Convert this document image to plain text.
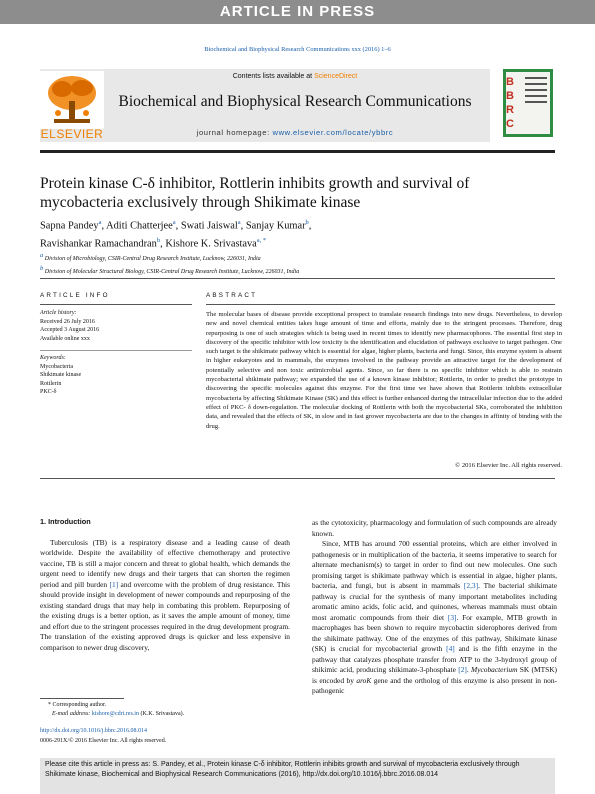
ARTICLE IN PRESS
Biochemical and Biophysical Research Communications xxx (2016) 1–6
ELSEVIER
Contents lists available at ScienceDirect
Biochemical and Biophysical Research Communications
journal homepage: www.elsevier.com/locate/ybbrc
B
B
R
C
Protein kinase C-δ inhibitor, Rottlerin inhibits growth and survival of
mycobacteria exclusively through Shikimate kinase
Sapna Pandey$^a$, Aditi Chatterjee$^a$, Swati Jaiswal$^a$, Sanjay Kumar$^b$,
Ravishankar Ramachandran$^b$, Kishore K. Srivastava$^{a, *}$
$^a$ Division of Microbiology, CSIR-Central Drug Research Institute, Lucknow, 226031, India
$^b$ Division of Molecular Structural Biology, CSIR-Central Drug Research Institute, Lucknow, 226031, India
ARTICLE INFO	ABSTRACT
Article history:
Received 26 July 2016
Accepted 3 August 2016
Available online xxx
Keywords:
Mycobacteria
Shikimate kinase
Rottlerin
PKC-δ
The molecular bases of disease provide exceptional prospect to translate research findings into new drugs. Nevertheless, to develop new and novel chemical entities takes huge amount of time and efforts, mainly due to the stringent processes. Therefore, drug repurposing is one of such strategies which is being used in recent times to identify new pharmacophores. The essential first step in discovery of the specific inhibitor with low toxicity is the identification and elucidation of pathways exclusive to target pathogen. One such target is the shikimate pathway which is essential for algae, higher plants, bacteria and fungi. Since, this enzyme system is absent in higher eukaryotes and in mammals, the enzymes involved in the pathway provide an attractive target for the development of potentially selective and non toxic antimicrobial agents. Since, so far there is no specific inhibitor which is able to restrain mycobacterial shikimate pathway; we expanded the use of a known kinase inhibitor; Rottlerin, in order to predict the prototype in discovering the specific molecules against this enzyme. For the first time we have shown that Rottlerin inhibits extracellular mycobacteria by affecting Shikimate Kinase (SK) and this effect is further enhanced during the intracellular infection due to the added effect of PKC- δ down-regulation. The molecular docking of Rottlerin with both the mycobacterial SKs, corroborated the inhibition data, and revealed that the effects of SK, in slow and in fast grower mycobacteria are due to the changes in affinity of binding with the drug.
© 2016 Elsevier Inc. All rights reserved.
1. Introduction

Tuberculosis (TB) is a respiratory disease and a leading cause of death worldwide. Despite the availability of effective chemotherapy and protective vaccine, TB is still a major concern and threat to global health, which demands the urgent need to identify new drugs and their targets that can shorten the regimen period and pill burden [1] and overcome with the problem of drug resistance. This should provide insight in development of newer compounds and repurposing of the existing standard drugs that may help in combating this problem. Repurposing of the existing drugs is a better option, as it saves the ample amount of money, time and effort due to the stringent processes required in the drug development program. The translation of the existing approved drugs is quicker and less expensive in comparison to newer drug discovery,

as the cytotoxicity, pharmacology and formulation of such compounds are already known.

Since, MTB has around 700 essential proteins, which are either involved in pathogenesis or in multiplication of the bacteria, it seems imperative to search for alternate mechanism(s) to target in order to find out new molecules. One such promising target is shikimate pathway which is essential in algae, higher plants, bacteria, and fungi, but is absent in mammals [2,3]. The bacterial shikimate pathway is crucial for the synthesis of many important metabolites including aromatic amino acids, folic acid, and quinones, whereas mammals must obtain most aromatic compounds from their diet [3]. For example, MTB growth in macrophages has been shown to require mycobactin siderophores derived from the shikimate pathway. One of the enzymes of this pathway, Shikimate kinase (SK) is crucial for mycobacterial growth [4] and is the fifth enzyme in the pathway that catalyzes phosphate transfer from ATP to the 3-hydroxyl group of shikimic acid, producing shikimate-3-phosphate [2]. Mycobacterium SK (MTSK) is encoded by aroK gene and the ortholog of this enzyme is also present in non- pathogenic

* Corresponding author.
E-mail address: kishore@cdri.res.in (K.K. Srivastava).
http://dx.doi.org/10.1016/j.bbrc.2016.08.014
0006-291X/© 2016 Elsevier Inc. All rights reserved.
Please cite this article in press as: S. Pandey, et al., Protein kinase C-δ inhibitor, Rottlerin inhibits growth and survival of mycobacteria exclusively through Shikimate kinase, Biochemical and Biophysical Research Communications (2016), http://dx.doi.org/10.1016/j.bbrc.2016.08.014
